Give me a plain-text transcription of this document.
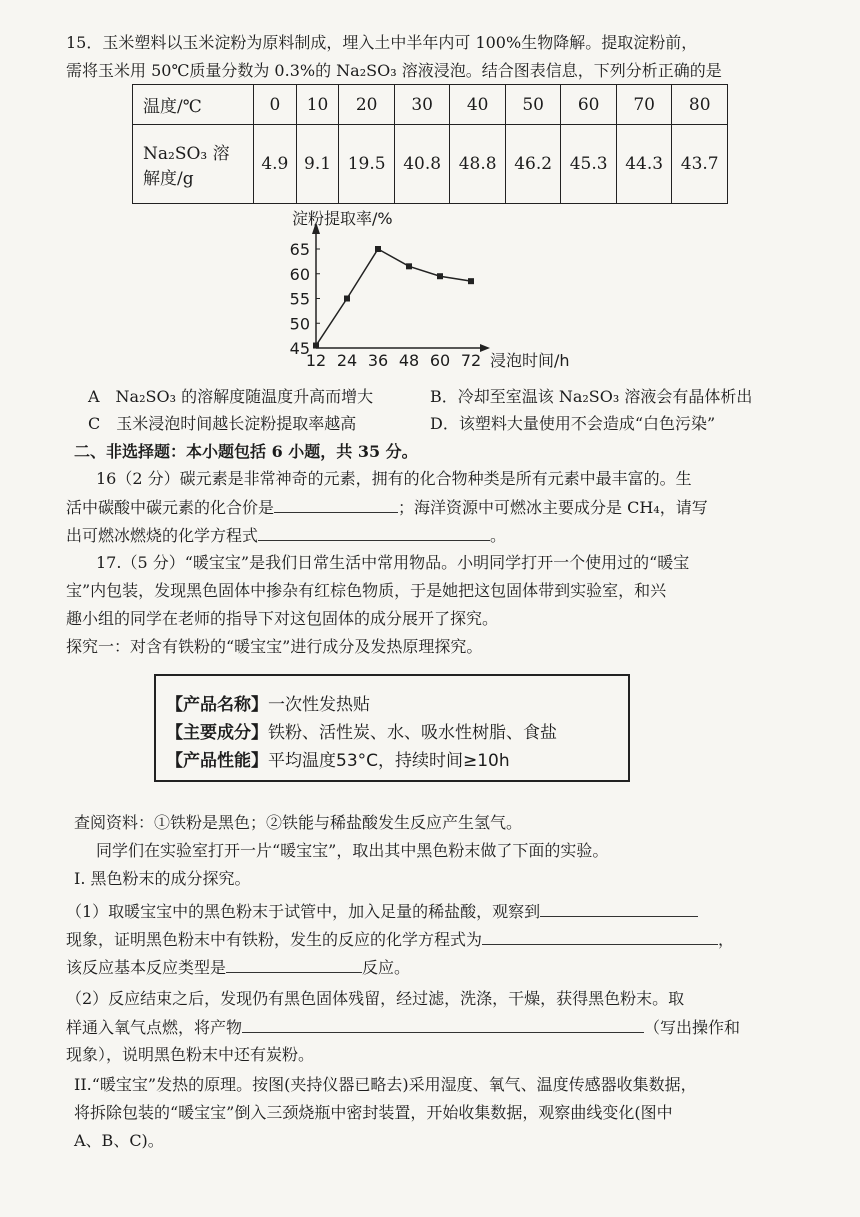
15．玉米塑料以玉米淀粉为原料制成，埋入土中半年内可 100%生物降解。提取淀粉前，
需将玉米用 50℃质量分数为 0.3%的 Na₂SO₃ 溶液浸泡。结合图表信息，下列分析正确的是
温度/℃	0	10	20	30	40	50	60	70	80

Na₂SO₃ 溶
解度/g	4.9	9.1	19.5	40.8	48.8	46.2	45.3	44.3	43.7
45
50
55
60
65
12 24 36 48 60 72
淀粉提取率/%
浸泡时间/h
A　Na₂SO₃ 的溶解度随温度升高而增大	B．冷却至室温该 Na₂SO₃ 溶液会有晶体析出
C　玉米浸泡时间越长淀粉提取率越高	D．该塑料大量使用不会造成“白色污染”
二、非选择题：本小题包括 6 小题，共 35 分。
16（2 分）碳元素是非常神奇的元素，拥有的化合物种类是所有元素中最丰富的。生
活中碳酸中碳元素的化合价是	；海洋资源中可燃冰主要成分是 CH₄，请写
出可燃冰燃烧的化学方程式	。
17.（5 分）“暖宝宝”是我们日常生活中常用物品。小明同学打开一个使用过的“暖宝
宝”内包装，发现黑色固体中掺杂有红棕色物质，于是她把这包固体带到实验室，和兴
趣小组的同学在老师的指导下对这包固体的成分展开了探究。
探究一：对含有铁粉的“暖宝宝”进行成分及发热原理探究。
【产品名称】一次性发热贴
【主要成分】铁粉、活性炭、水、吸水性树脂、食盐
【产品性能】平均温度53°C，持续时间≥10h
查阅资料：①铁粉是黑色；②铁能与稀盐酸发生反应产生氢气。
同学们在实验室打开一片“暖宝宝”，取出其中黑色粉末做了下面的实验。
I. 黑色粉末的成分探究。
（1）取暖宝宝中的黑色粉末于试管中，加入足量的稀盐酸，观察到
现象，证明黑色粉末中有铁粉，发生的反应的化学方程式为	，
该反应基本反应类型是	反应。
（2）反应结束之后，发现仍有黑色固体残留，经过滤，洗涤，干燥，获得黑色粉末。取
样通入氧气点燃，将产物	（写出操作和
现象），说明黑色粉末中还有炭粉。
II.“暖宝宝”发热的原理。按图(夹持仪器已略去)采用湿度、氧气、温度传感器收集数据，
将拆除包装的“暖宝宝”倒入三颈烧瓶中密封装置，开始收集数据，观察曲线变化(图中
A、B、C)。
